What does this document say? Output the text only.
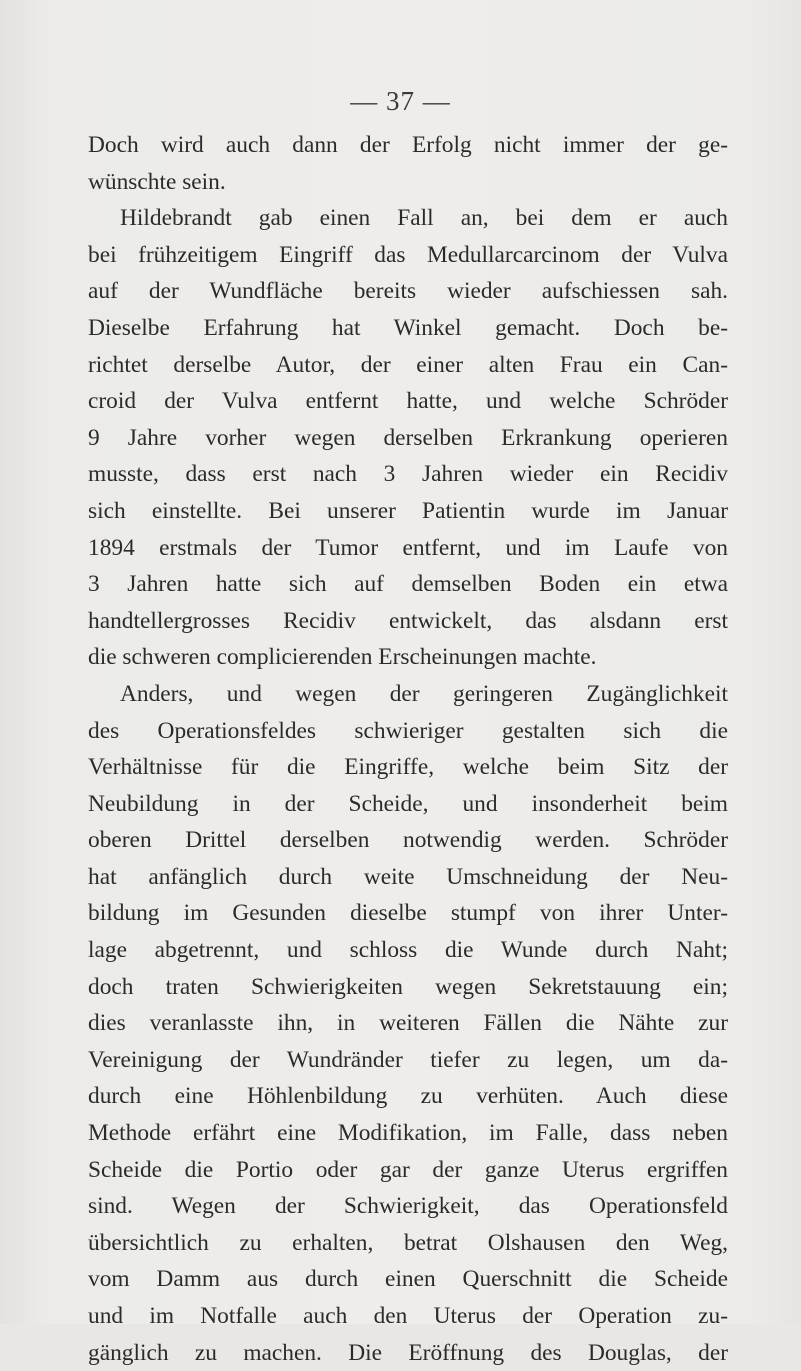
— 37 —
Doch wird auch dann der Erfolg nicht immer der ge-
wünschte sein.
Hildebrandt gab einen Fall an, bei dem er auch
bei frühzeitigem Eingriff das Medullarcarcinom der Vulva
auf der Wundfläche bereits wieder aufschiessen sah.
Dieselbe Erfahrung hat Winkel gemacht. Doch be-
richtet derselbe Autor, der einer alten Frau ein Can-
croid der Vulva entfernt hatte, und welche Schröder
9 Jahre vorher wegen derselben Erkrankung operieren
musste, dass erst nach 3 Jahren wieder ein Recidiv
sich einstellte. Bei unserer Patientin wurde im Januar
1894 erstmals der Tumor entfernt, und im Laufe von
3 Jahren hatte sich auf demselben Boden ein etwa
handtellergrosses Recidiv entwickelt, das alsdann erst
die schweren complicierenden Erscheinungen machte.
Anders, und wegen der geringeren Zugänglichkeit
des Operationsfeldes schwieriger gestalten sich die
Verhältnisse für die Eingriffe, welche beim Sitz der
Neubildung in der Scheide, und insonderheit beim
oberen Drittel derselben notwendig werden. Schröder
hat anfänglich durch weite Umschneidung der Neu-
bildung im Gesunden dieselbe stumpf von ihrer Unter-
lage abgetrennt, und schloss die Wunde durch Naht;
doch traten Schwierigkeiten wegen Sekretstauung ein;
dies veranlasste ihn, in weiteren Fällen die Nähte zur
Vereinigung der Wundränder tiefer zu legen, um da-
durch eine Höhlenbildung zu verhüten. Auch diese
Methode erfährt eine Modifikation, im Falle, dass neben
Scheide die Portio oder gar der ganze Uterus ergriffen
sind. Wegen der Schwierigkeit, das Operationsfeld
übersichtlich zu erhalten, betrat Olshausen den Weg,
vom Damm aus durch einen Querschnitt die Scheide
und im Notfalle auch den Uterus der Operation zu-
gänglich zu machen. Die Eröffnung des Douglas, der
